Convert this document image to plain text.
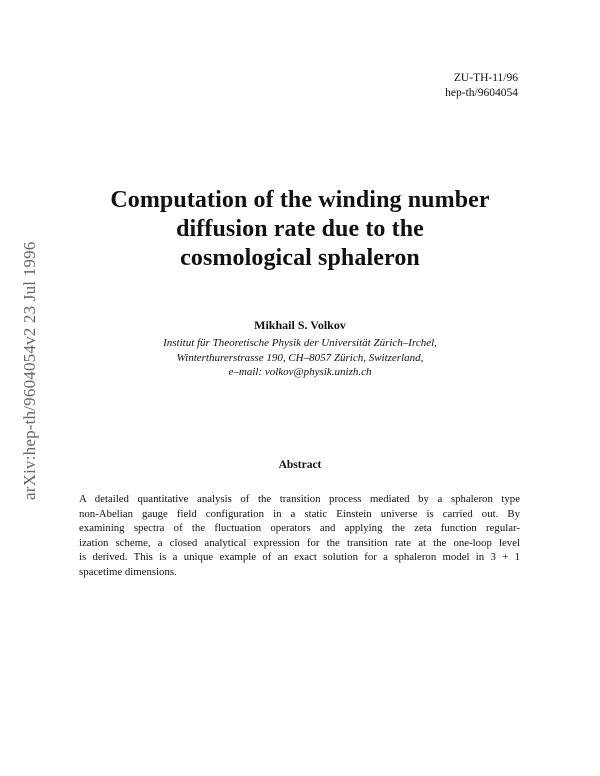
ZU-TH-11/96
hep-th/9604054
arXiv:hep-th/9604054v2 23 Jul 1996
Computation of the winding number
diffusion rate due to the
cosmological sphaleron
Mikhail S. Volkov
Institut für Theoretische Physik der Universität Zürich–Irchel,
Winterthurerstrasse 190, CH–8057 Zürich, Switzerland,
e–mail: volkov@physik.unizh.ch
Abstract
A detailed quantitative analysis of the transition process mediated by a sphaleron type
non-Abelian gauge field configuration in a static Einstein universe is carried out. By
examining spectra of the fluctuation operators and applying the zeta function regular-
ization scheme, a closed analytical expression for the transition rate at the one-loop level
is derived. This is a unique example of an exact solution for a sphaleron model in 3 + 1
spacetime dimensions.
